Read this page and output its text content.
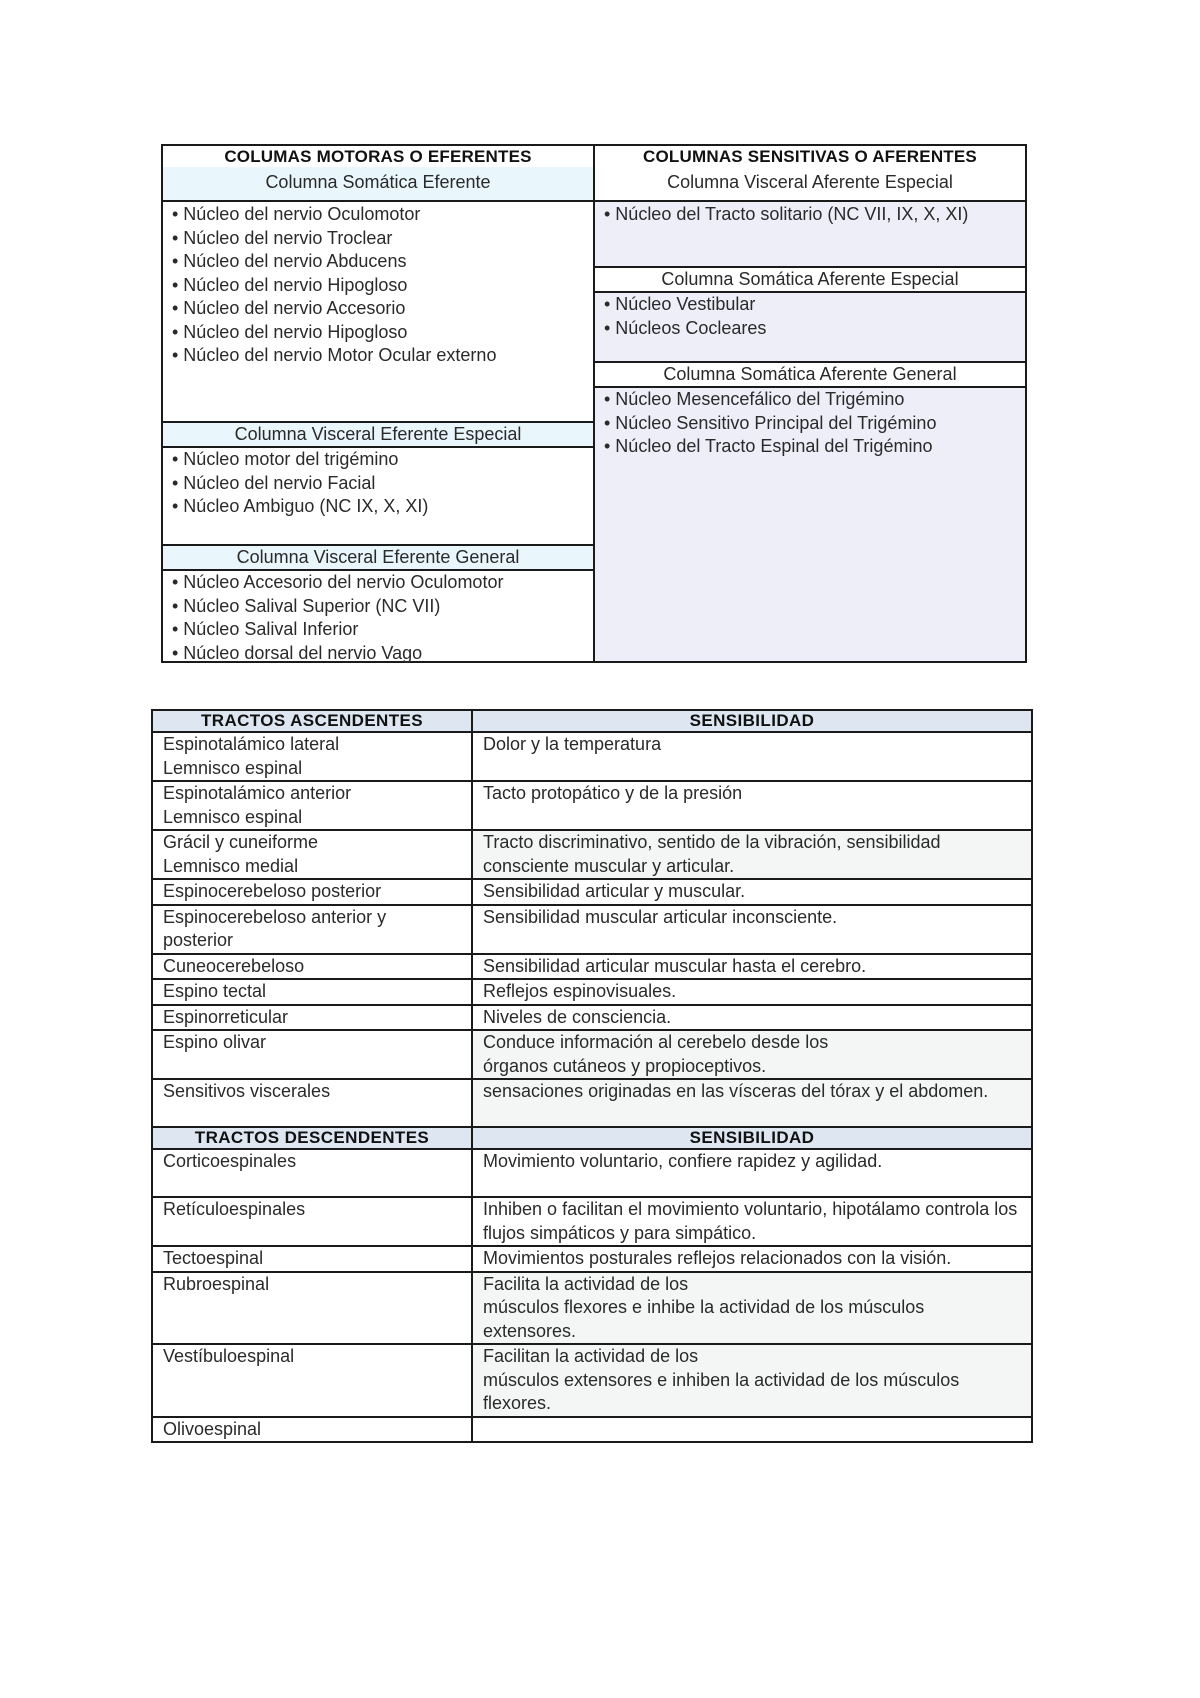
COLUMAS MOTORAS O EFERENTES
Columna Somática Eferente
• Núcleo del nervio Oculomotor
• Núcleo del nervio Troclear
• Núcleo del nervio Abducens
• Núcleo del nervio Hipogloso
• Núcleo del nervio Accesorio
• Núcleo del nervio Hipogloso
• Núcleo del nervio Motor Ocular externo
Columna Visceral Eferente Especial
• Núcleo motor del trigémino
• Núcleo del nervio Facial
• Núcleo Ambiguo (NC IX, X, XI)
Columna Visceral Eferente General
• Núcleo Accesorio del nervio Oculomotor
• Núcleo Salival Superior (NC VII)
• Núcleo Salival Inferior
• Núcleo dorsal del nervio Vago
COLUMNAS SENSITIVAS O AFERENTES
Columna Visceral Aferente Especial
• Núcleo del Tracto solitario (NC VII, IX, X, XI)
Columna Somática Aferente Especial
• Núcleo Vestibular
• Núcleos Cocleares
Columna Somática Aferente General
• Núcleo Mesencefálico del Trigémino
• Núcleo Sensitivo Principal del Trigémino
• Núcleo del Tracto Espinal del Trigémino
TRACTOS ASCENDENTES	SENSIBILIDAD
Espinotalámico lateral
Lemnisco espinal	Dolor y la temperatura
Espinotalámico anterior
Lemnisco espinal	Tacto protopático y de la presión
Grácil y cuneiforme
Lemnisco medial	Tracto discriminativo, sentido de la vibración, sensibilidad consciente muscular y articular.
Espinocerebeloso posterior	Sensibilidad articular y muscular.
Espinocerebeloso anterior y posterior	Sensibilidad muscular articular inconsciente.
Cuneocerebeloso	Sensibilidad articular muscular hasta el cerebro.
Espino tectal	Reflejos espinovisuales.
Espinorreticular	Niveles de consciencia.
Espino olivar	Conduce información al cerebelo desde los
órganos cutáneos y propioceptivos.
Sensitivos viscerales	sensaciones originadas en las vísceras del tórax y el abdomen.
TRACTOS DESCENDENTES	SENSIBILIDAD
Corticoespinales	Movimiento voluntario, confiere rapidez y agilidad.
Retículoespinales	Inhiben o facilitan el movimiento voluntario, hipotálamo controla los flujos simpáticos y para simpático.
Tectoespinal	Movimientos posturales reflejos relacionados con la visión.
Rubroespinal	Facilita la actividad de los
músculos flexores e inhibe la actividad de los músculos extensores.
Vestíbuloespinal	Facilitan la actividad de los
músculos extensores e inhiben la actividad de los músculos flexores.
Olivoespinal	
